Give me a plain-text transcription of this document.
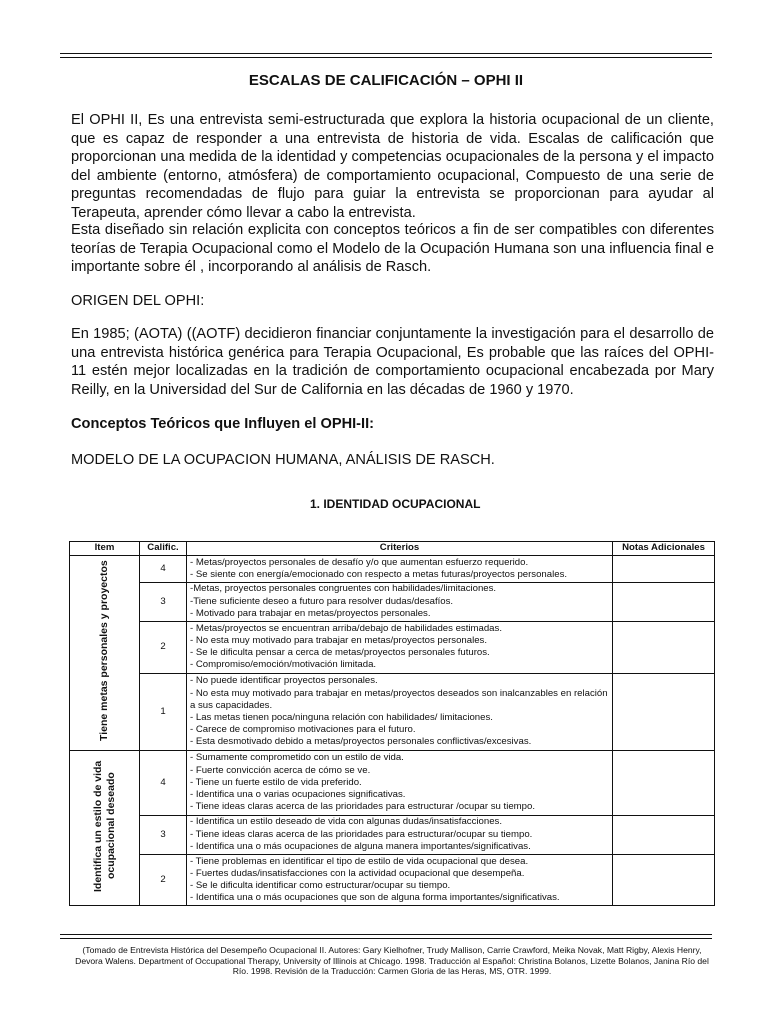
ESCALAS DE CALIFICACIÓN – OPHI II

El OPHI II, Es una entrevista semi-estructurada que explora la historia ocupacional de un cliente, que es capaz de responder a una entrevista de historia de vida. Escalas de calificación que proporcionan una medida de la identidad y competencias ocupacionales de la persona y el impacto del ambiente (entorno, atmósfera) de comportamiento ocupacional, Compuesto de una serie de preguntas recomendadas de flujo para guiar la entrevista se proporcionan para ayudar al Terapeuta, aprender cómo llevar a cabo la entrevista.

Esta diseñado sin relación explicita con conceptos teóricos a fin de ser compatibles con diferentes teorías de Terapia Ocupacional como el Modelo de la Ocupación Humana son una influencia final e importante sobre él , incorporando al análisis de Rasch.

ORIGEN DEL OPHI:

En 1985; (AOTA) ((AOTF) decidieron financiar conjuntamente la investigación para el desarrollo de una entrevista histórica genérica para Terapia Ocupacional, Es probable que las raíces del OPHI-11 estén mejor localizadas en la tradición de comportamiento ocupacional encabezada por Mary Reilly, en la Universidad del Sur de California en las décadas de 1960 y 1970.

Conceptos Teóricos que Influyen el OPHI-II:
MODELO DE LA OCUPACION HUMANA, ANÁLISIS DE RASCH.
1. IDENTIDAD OCUPACIONAL
Item	Calific.	Criterios	Notas Adicionales
Tiene metas personales y proyectos	4	- Metas/proyectos personales de desafío y/o que aumentan esfuerzo requerido.
- Se siente con energía/emocionado con respecto a metas futuras/proyectos personales.	

	3	-Metas, proyectos personales congruentes con habilidades/limitaciones.
-Tiene suficiente deseo a futuro para resolver dudas/desafíos.
- Motivado para trabajar en metas/proyectos personales.	

	2	- Metas/proyectos se encuentran arriba/debajo de habilidades estimadas.
- No esta muy motivado para trabajar en metas/proyectos personales.
- Se le dificulta pensar a cerca de metas/proyectos personales futuros.
- Compromiso/emoción/motivación limitada.	

	1	- No puede identificar proyectos personales.
- No esta muy motivado para trabajar en metas/proyectos deseados son inalcanzables en relación a sus capacidades.
- Las metas tienen poca/ninguna relación con habilidades/ limitaciones.
- Carece de compromiso motivaciones para el futuro.
- Esta desmotivado debido a metas/proyectos personales conflictivas/excesivas.	

Identifica un estilo de vida ocupacional deseado	4	- Sumamente comprometido con un estilo de vida.
- Fuerte convicción acerca de cómo se ve.
- Tiene un fuerte estilo de vida preferido.
- Identifica una o varias ocupaciones significativas.
- Tiene ideas claras acerca de las prioridades para estructurar /ocupar su tiempo.	

	3	- Identifica un estilo deseado de vida con algunas dudas/insatisfacciones.
- Tiene ideas claras acerca de las prioridades para estructurar/ocupar su tiempo.
- Identifica una o más ocupaciones de alguna manera importantes/significativas.	

	2	- Tiene problemas en identificar el tipo de estilo de vida ocupacional que desea.
- Fuertes dudas/insatisfacciones con la actividad ocupacional que desempeña.
- Se le dificulta identificar como estructurar/ocupar su tiempo.
- Identifica una o más ocupaciones que son de alguna forma importantes/significativas.	

(Tomado de Entrevista Histórica del Desempeño Ocupacional II. Autores: Gary Kielhofner, Trudy Mallison, Carrie Crawford, Meika Novak, Matt Rigby, Alexis Henry, Devora Walens. Department of Occupational Therapy, University of Illinois at Chicago. 1998. Traducción al Español: Christina Bolanos, Lizette Bolanos, Janina Río del Río. 1998. Revisión de la Traducción: Carmen Gloria de las Heras, MS, OTR. 1999.
